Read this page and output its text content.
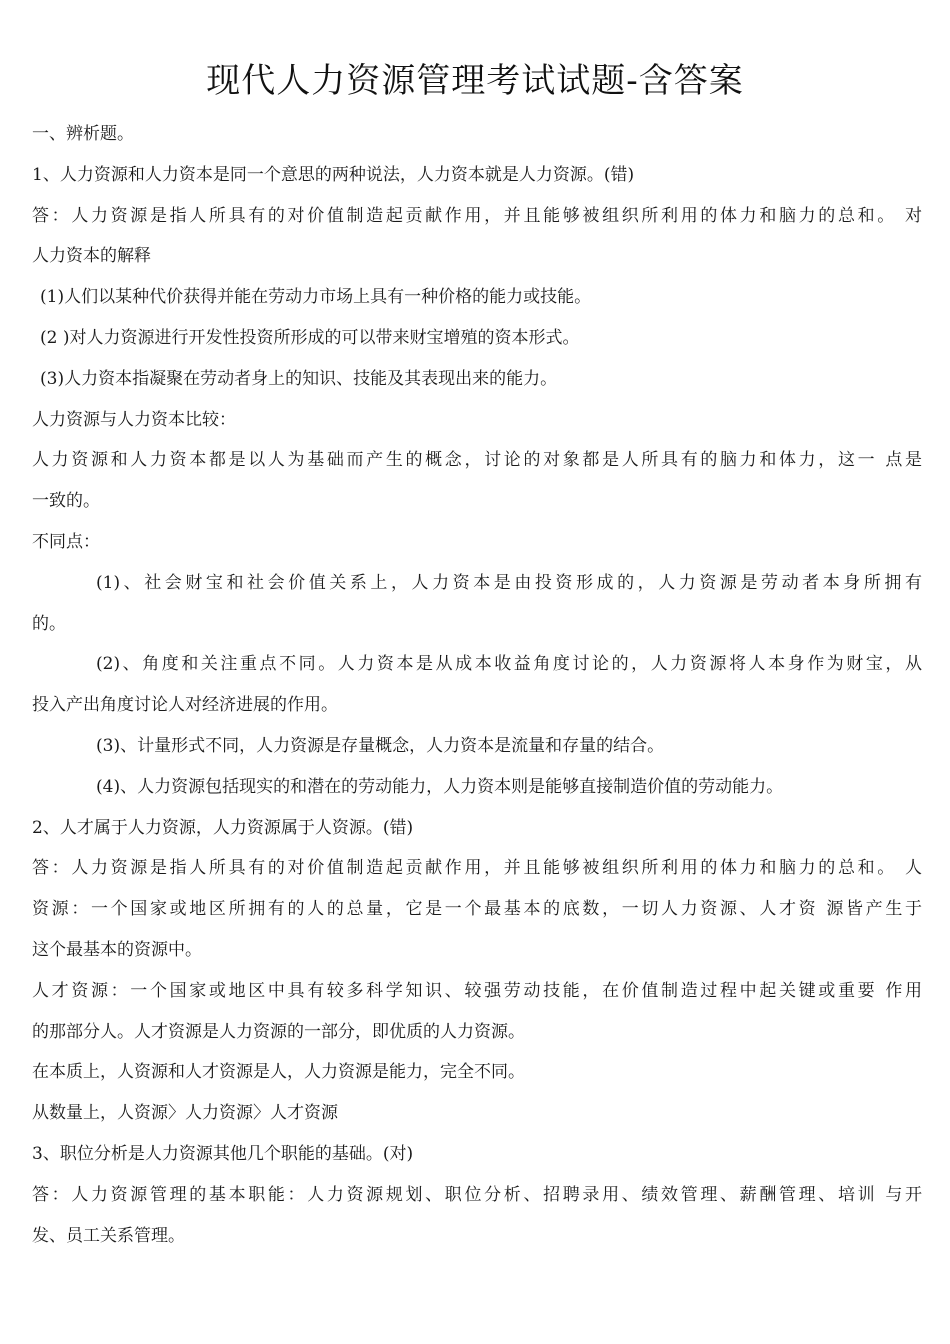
现代人力资源管理考试试题-含答案
一、辨析题。
1、人力资源和人力资本是同一个意思的两种说法，人力资本就是人力资源。(错)
答：人力资源是指人所具有的对价值制造起贡献作用，并且能够被组织所利用的体力和脑力的总和。 对
人力资本的解释
(1)人们以某种代价获得并能在劳动力市场上具有一种价格的能力或技能。
(2 )对人力资源进行开发性投资所形成的可以带来财宝增殖的资本形式。
(3)人力资本指凝聚在劳动者身上的知识、技能及其表现出来的能力。
人力资源与人力资本比较：
人力资源和人力资本都是以人为基础而产生的概念，讨论的对象都是人所具有的脑力和体力，这一 点是
一致的。
不同点：
(1)、社会财宝和社会价值关系上，人力资本是由投资形成的，人力资源是劳动者本身所拥有
的。
(2)、角度和关注重点不同。人力资本是从成本收益角度讨论的，人力资源将人本身作为财宝，从
投入产出角度讨论人对经济进展的作用。
(3)、计量形式不同，人力资源是存量概念，人力资本是流量和存量的结合。
(4)、人力资源包括现实的和潜在的劳动能力，人力资本则是能够直接制造价值的劳动能力。
2、人才属于人力资源，人力资源属于人资源。(错)
答：人力资源是指人所具有的对价值制造起贡献作用，并且能够被组织所利用的体力和脑力的总和。 人
资源：一个国家或地区所拥有的人的总量，它是一个最基本的底数，一切人力资源、人才资 源皆产生于
这个最基本的资源中。
人才资源：一个国家或地区中具有较多科学知识、较强劳动技能，在价值制造过程中起关键或重要 作用
的那部分人。人才资源是人力资源的一部分，即优质的人力资源。
在本质上，人资源和人才资源是人，人力资源是能力，完全不同。
从数量上，人资源〉人力资源〉人才资源
3、职位分析是人力资源其他几个职能的基础。(对)
答：人力资源管理的基本职能：人力资源规划、职位分析、招聘录用、绩效管理、薪酬管理、培训 与开
发、员工关系管理。
